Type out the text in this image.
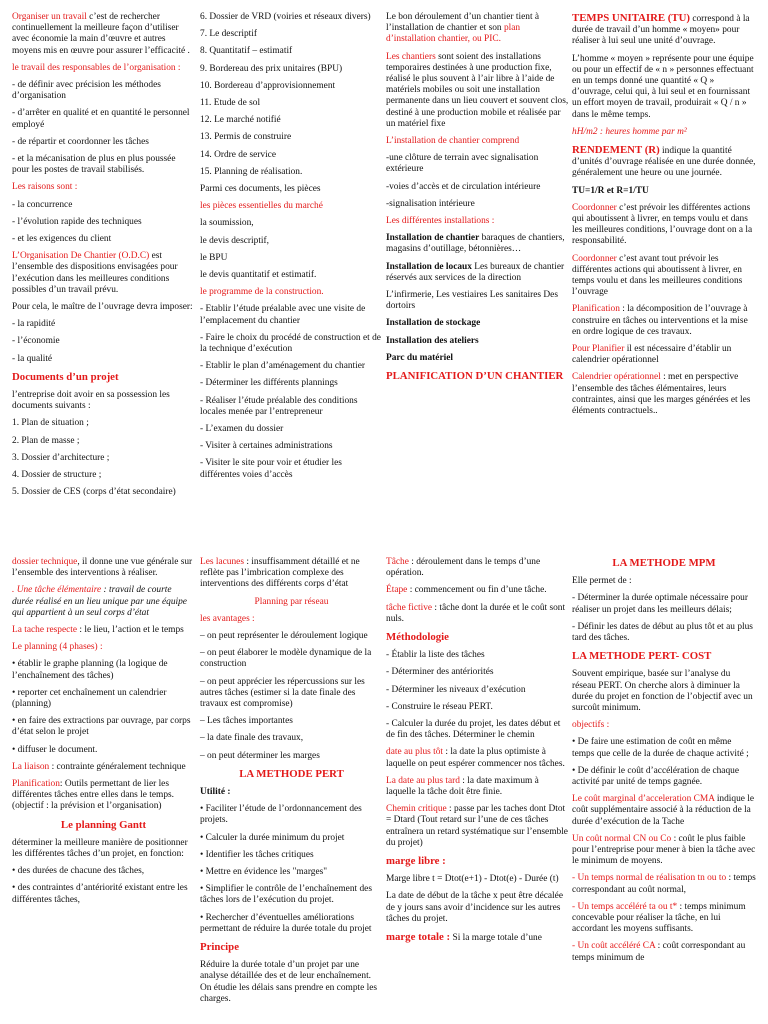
Organiser un travail c’est de rechercher continuellement la meilleure façon d’utiliser avec économie la main d’œuvre et autres moyens mis en œuvre pour assurer l’efficacité .

le travail des responsables de l’organisation :

- de définir avec précision les méthodes d’organisation

- d’arrêter en qualité et en quantité le personnel employé

- de répartir et coordonner les tâches

- et la mécanisation de plus en plus poussée pour les postes de travail stabilisés.

Les raisons sont :

- la concurrence

- l’évolution rapide des techniques

- et les exigences du client

L’Organisation De Chantier (O.D.C) est l’ensemble des dispositions envisagées pour l’exécution dans les meilleures conditions possibles d’un travail prévu.

Pour cela, le maître de l’ouvrage devra imposer:

- la rapidité

- l’économie

- la qualité

Documents d’un projet

l’entreprise doit avoir en sa possession les documents suivants :

1. Plan de situation ;

2. Plan de masse ;

3. Dossier d’architecture ;

4. Dossier de structure ;

5. Dossier de CES (corps d’état secondaire)

6. Dossier de VRD (voiries et réseaux divers)

7. Le descriptif

8. Quantitatif – estimatif

9. Bordereau des prix unitaires (BPU)

10. Bordereau d’approvisionnement

11. Etude de sol

12. Le marché notifié

13. Permis de construire

14. Ordre de service

15. Planning de réalisation.

Parmi ces documents, les pièces

les pièces essentielles du marché

la soumission,

le devis descriptif,

le BPU

le devis quantitatif et estimatif.

le programme de la construction.

- Etablir l’étude préalable avec une visite de l’emplacement du chantier

- Faire le choix du procédé de construction et de la technique d’exécution

- Etablir le plan d’aménagement du chantier

- Déterminer les différents plannings

- Réaliser l’étude préalable des conditions locales menée par l’entrepreneur

- L’examen du dossier

- Visiter à certaines administrations

- Visiter le site pour voir et étudier les différentes voies d’accès

Le bon déroulement d’un chantier tient à l’installation de chantier et son plan d’installation chantier, ou PIC.

Les chantiers sont soient des installations temporaires destinées à une production fixe, réalisé le plus souvent à l’air libre à l’aide de matériels mobiles ou soit une installation permanente dans un lieu couvert et souvent clos, destiné à une production mobile et réalisée par un matériel fixe

L’installation de chantier comprend

-une clôture de terrain avec signalisation extérieure

-voies d’accès et de circulation intérieure

-signalisation intérieure

Les différentes installations :

Installation de chantier baraques de chantiers, magasins d’outillage, bétonnières…

Installation de locaux Les bureaux de chantier réservés aux services de la direction

L’infirmerie, Les vestiaires Les sanitaires Des dortoirs

Installation de stockage

Installation des ateliers

Parc du matériel

PLANIFICATION D’UN CHANTIER

TEMPS UNITAIRE (TU) correspond à la durée de travail d’un homme « moyen» pour réaliser à lui seul une unité d’ouvrage.

L’homme « moyen » représente pour une équipe ou pour un effectif de « n » personnes effectuant en un temps donné une quantité « Q » d’ouvrage, celui qui, à lui seul et en fournissant un effort moyen de travail, produirait « Q / n » dans le même temps.

hH/m2 : heures homme par m²

RENDEMENT (R) indique la quantité d’unités d’ouvrage réalisée en une durée donnée, généralement une heure ou une journée.

TU=1/R et R=1/TU

Coordonner c’est prévoir les différentes actions qui aboutissent à livrer, en temps voulu et dans les meilleures conditions, l’ouvrage dont on a la responsabilité.

Coordonner c’est avant tout prévoir les différentes actions qui aboutissent à livrer, en temps voulu et dans les meilleures conditions l’ouvrage

Planification : la décomposition de l’ouvrage à construire en tâches ou interventions et la mise en ordre logique de ces travaux.

Pour Planifier il est nécessaire d’établir un calendrier opérationnel

Calendrier opérationnel : met en perspective l’ensemble des tâches élémentaires, leurs contraintes, ainsi que les marges générées et les éléments contractuels..

dossier technique, il donne une vue générale sur l’ensemble des interventions à réaliser.

. Une tâche élémentaire : travail de courte durée réalisé en un lieu unique par une équipe qui appartient à un seul corps d’état

La tache respecte : le lieu, l’action et le temps

Le planning (4 phases) :

• établir le graphe planning (la logique de l’enchaînement des tâches)

• reporter cet enchaînement un calendrier (planning)

• en faire des extractions par ouvrage, par corps d’état selon le projet

• diffuser le document.

La liaison : contrainte généralement technique

Planification: Outils permettant de lier les différentes tâches entre elles dans le temps.(objectif : la prévision et l’organisation)

Le planning Gantt

déterminer la meilleure manière de positionner les différentes tâches d’un projet, en fonction:

• des durées de chacune des tâches,

• des contraintes d’antériorité existant entre les différentes tâches,

Les lacunes : insuffisamment détaillé et ne reflète pas l’imbrication complexe des interventions des différents corps d’état

Planning par réseau

les avantages :

– on peut représenter le déroulement logique

– on peut élaborer le modèle dynamique de la construction

– on peut apprécier les répercussions sur les autres tâches (estimer si la date finale des travaux est compromise)

– Les tâches importantes

– la date finale des travaux,

– on peut déterminer les marges

LA METHODE PERT

Utilité :

• Faciliter l’étude de l’ordonnancement des projets.

• Calculer la durée minimum du projet

• Identifier les tâches critiques

• Mettre en évidence les "marges"

• Simplifier le contrôle de l’enchaînement des tâches lors de l’exécution du projet.

• Rechercher d’éventuelles améliorations permettant de réduire la durée totale du projet

Principe

Réduire la durée totale d’un projet par une analyse détaillée des et de leur enchaînement. On étudie les délais sans prendre en compte les charges.

Tâche : déroulement dans le temps d’une opération.

Étape : commencement ou fin d’une tâche.

tâche fictive : tâche dont la durée et le coût sont nuls.

Méthodologie

- Établir la liste des tâches

- Déterminer des antériorités

- Déterminer les niveaux d’exécution

- Construire le réseau PERT.

- Calculer la durée du projet, les dates début et de fin des tâches. Déterminer le chemin

date au plus tôt : la date la plus optimiste à laquelle on peut espérer commencer nos tâches.

La date au plus tard : la date maximum à laquelle la tâche doit être finie.

Chemin critique : passe par les taches dont Dtot = Dtard (Tout retard sur l’une de ces tâches entraînera un retard systématique sur l’ensemble du projet)

marge libre :

Marge libre t = Dtot(e+1) - Dtot(e) - Durée (t)

La date de début de la tâche x peut être décalée de y jours sans avoir d’incidence sur les autres tâches du projet.

marge totale : Si la marge totale d’une

LA METHODE MPM

Elle permet de :

- Déterminer la durée optimale nécessaire pour réaliser un projet dans les meilleurs délais;

- Définir les dates de début au plus tôt et au plus tard des tâches.

LA METHODE PERT- COST

Souvent empirique, basée sur l’analyse du réseau PERT. On cherche alors à diminuer la durée du projet en fonction de l’objectif avec un surcoût minimum.

objectifs :

• De faire une estimation de coût en même temps que celle de la durée de chaque activité ;

• De définir le coût d’accélération de chaque activité par unité de temps gagnée.

Le coût marginal d’acceleration CMA indique le coût supplémentaire associé à la réduction de la durée d’exécution de la Tache

Un coût normal CN ou Co : coût le plus faible pour l’entreprise pour mener à bien la tâche avec le minimum de moyens.

- Un temps normal de réalisation tn ou to : temps correspondant au coût normal,

- Un temps accéléré ta ou t* : temps minimum concevable pour réaliser la tâche, en lui accordant les moyens suffisants.

- Un coût accéléré CA : coût correspondant au temps minimum de
